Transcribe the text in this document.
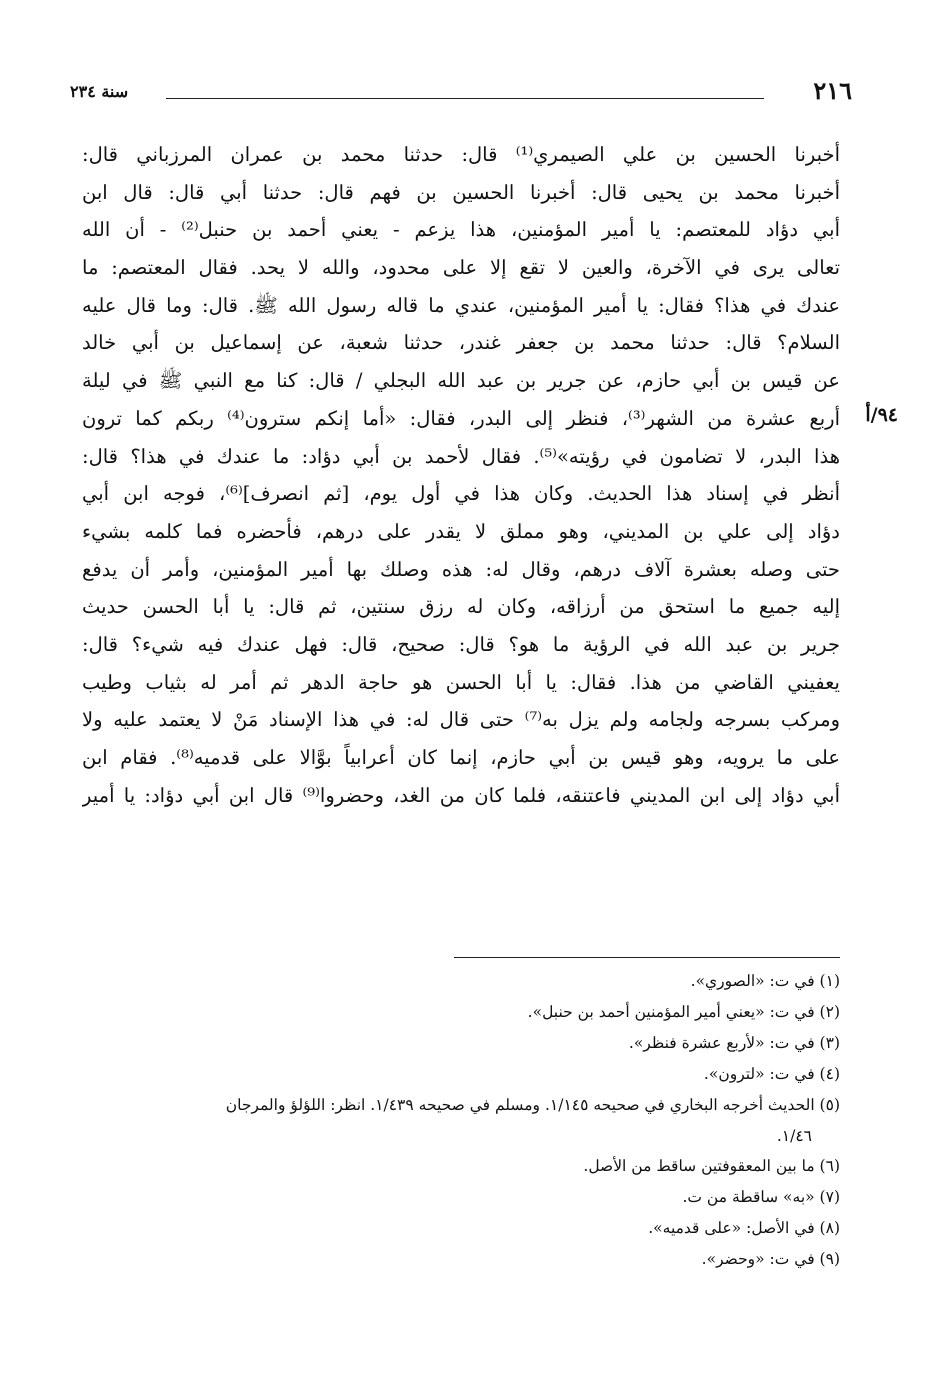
٢١٦
سنة ٢٣٤
٩٤/أ
أخبرنا الحسين بن علي الصيمري⁽¹⁾ قال: حدثنا محمد بن عمران المرزباني قال:
أخبرنا محمد بن يحيى قال: أخبرنا الحسين بن فهم قال: حدثنا أبي قال: قال ابن
أبي دؤاد للمعتصم: يا أمير المؤمنين، هذا يزعم - يعني أحمد بن حنبل⁽²⁾ - أن الله
تعالى يرى في الآخرة، والعين لا تقع إلا على محدود، والله لا يحد. فقال المعتصم: ما
عندك في هذا؟ فقال: يا أمير المؤمنين، عندي ما قاله رسول الله ﷺ. قال: وما قال عليه
السلام؟ قال: حدثنا محمد بن جعفر غندر، حدثنا شعبة، عن إسماعيل بن أبي خالد
عن قيس بن أبي حازم، عن جرير بن عبد الله البجلي / قال: كنا مع النبي ﷺ في ليلة
أربع عشرة من الشهر⁽³⁾، فنظر إلى البدر، فقال: «أما إنكم سترون⁽⁴⁾ ربكم كما ترون
هذا البدر، لا تضامون في رؤيته»⁽⁵⁾. فقال لأحمد بن أبي دؤاد: ما عندك في هذا؟ قال:
أنظر في إسناد هذا الحديث. وكان هذا في أول يوم، [ثم انصرف]⁽⁶⁾، فوجه ابن أبي
دؤاد إلى علي بن المديني، وهو مملق لا يقدر على درهم، فأحضره فما كلمه بشيء
حتى وصله بعشرة آلاف درهم، وقال له: هذه وصلك بها أمير المؤمنين، وأمر أن يدفع
إليه جميع ما استحق من أرزاقه، وكان له رزق سنتين، ثم قال: يا أبا الحسن حديث
جرير بن عبد الله في الرؤية ما هو؟ قال: صحيح، قال: فهل عندك فيه شيء؟ قال:
يعفيني القاضي من هذا. فقال: يا أبا الحسن هو حاجة الدهر ثم أمر له بثياب وطيب
ومركب بسرجه ولجامه ولم يزل به⁽⁷⁾ حتى قال له: في هذا الإسناد مَنْ لا يعتمد عليه ولا
على ما يرويه، وهو قيس بن أبي حازم، إنما كان أعرابياً بوَّالا على قدميه⁽⁸⁾. فقام ابن
أبي دؤاد إلى ابن المديني فاعتنقه، فلما كان من الغد، وحضروا⁽⁹⁾ قال ابن أبي دؤاد: يا أمير
(١) في ت: «الصوري».
(٢) في ت: «يعني أمير المؤمنين أحمد بن حنبل».
(٣) في ت: «لأربع عشرة فنظر».
(٤) في ت: «لترون».
(٥) الحديث أخرجه البخاري في صحيحه ١/١٤٥. ومسلم في صحيحه ١/٤٣٩. انظر: اللؤلؤ والمرجان
١/٤٦.
(٦) ما بين المعقوفتين ساقط من الأصل.
(٧) «به» ساقطة من ت.
(٨) في الأصل: «على قدميه».
(٩) في ت: «وحضر».
